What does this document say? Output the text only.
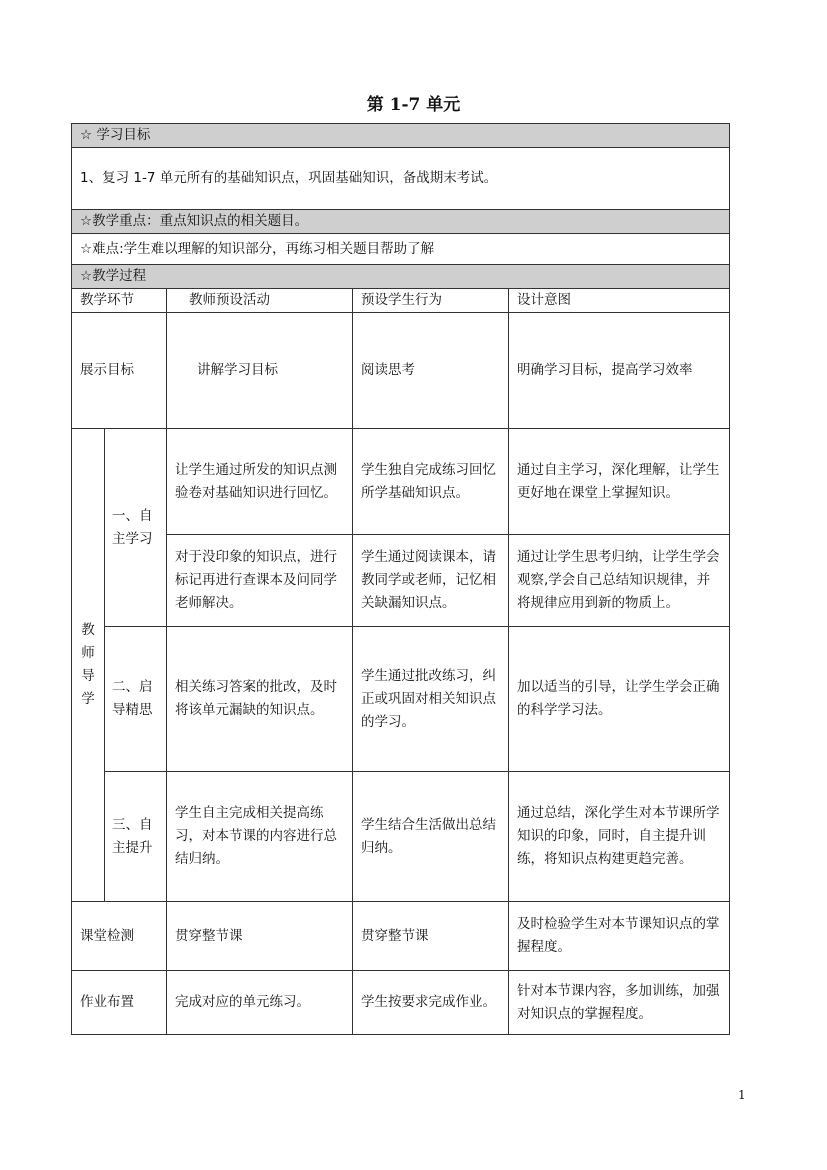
第 1-7 单元
☆ 学习目标				
1、复习 1-7 单元所有的基础知识点，巩固基础知识，备战期末考试。				
☆教学重点：重点知识点的相关题目。				
☆难点:学生难以理解的知识部分，再练习相关题目帮助了解				
☆教学过程				
教学环节		教师预设活动	预设学生行为	设计意图
展示目标		讲解学习目标	阅读思考	明确学习目标，提高学习效率
教师导学	一、自主学习	让学生通过所发的知识点测验卷对基础知识进行回忆。	学生独自完成练习回忆所学基础知识点。	通过自主学习，深化理解，让学生更好地在课堂上掌握知识。
		对于没印象的知识点，进行标记再进行查课本及问同学老师解决。	学生通过阅读课本，请教同学或老师，记忆相关缺漏知识点。	通过让学生思考归纳，让学生学会观察,学会自己总结知识规律，并将规律应用到新的物质上。
	二、启导精思	相关练习答案的批改，及时将该单元漏缺的知识点。	学生通过批改练习，纠正或巩固对相关知识点的学习。	加以适当的引导，让学生学会正确的科学学习法。
	三、自主提升	学生自主完成相关提高练习，对本节课的内容进行总结归纳。	学生结合生活做出总结归纳。	通过总结，深化学生对本节课所学知识的印象，同时，自主提升训练，将知识点构建更趋完善。
课堂检测		贯穿整节课	贯穿整节课	及时检验学生对本节课知识点的掌握程度。
作业布置		完成对应的单元练习。	学生按要求完成作业。	针对本节课内容，多加训练，加强对知识点的掌握程度。
1
